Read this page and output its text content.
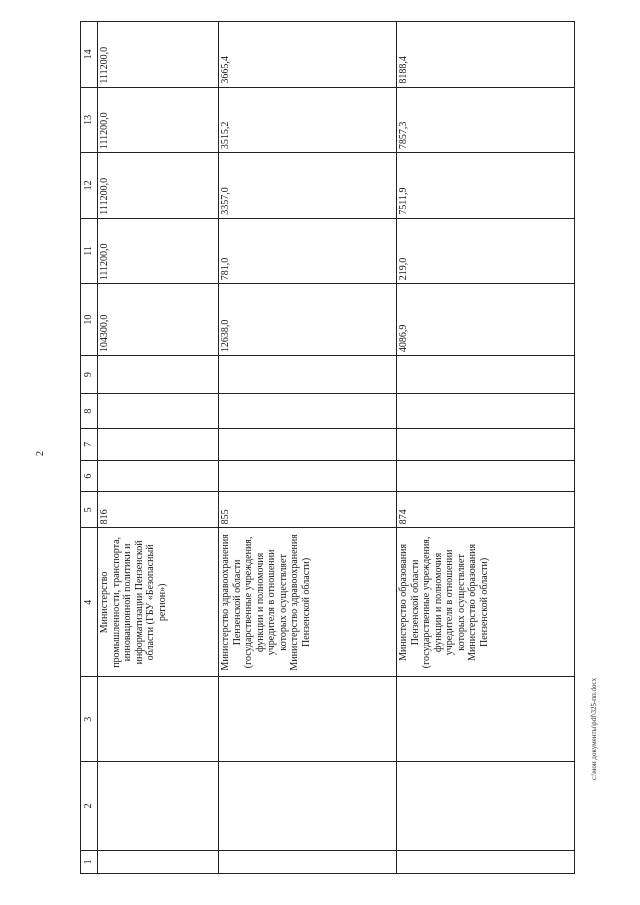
2
1	2	3	4	5	6	7	8	9	10	11	12	13	14
			Министерство промышленности, транспорта, инновационной политики и информатизации Пензенской области (ГБУ «Безопасный регион»)	816					104300,0	111200,0	111200,0	111200,0	111200,0
			Министерство здравоохранения Пензенской области (государственные учреждения, функции и полномочия учредителя в отношении которых осуществляет Министерство здравоохранения Пензенской области)	855					12638,0	781,0	3357,0	3515,2	3665,4
			Министерство образования Пензенской области (государственные учреждения, функции и полномочия учредителя в отношении которых осуществляет Министерство образования Пензенской области)	874					4086,9	219,0	7511,9	7857,3	8188,4
c:\мои документы\pdf\325-пп.docx
